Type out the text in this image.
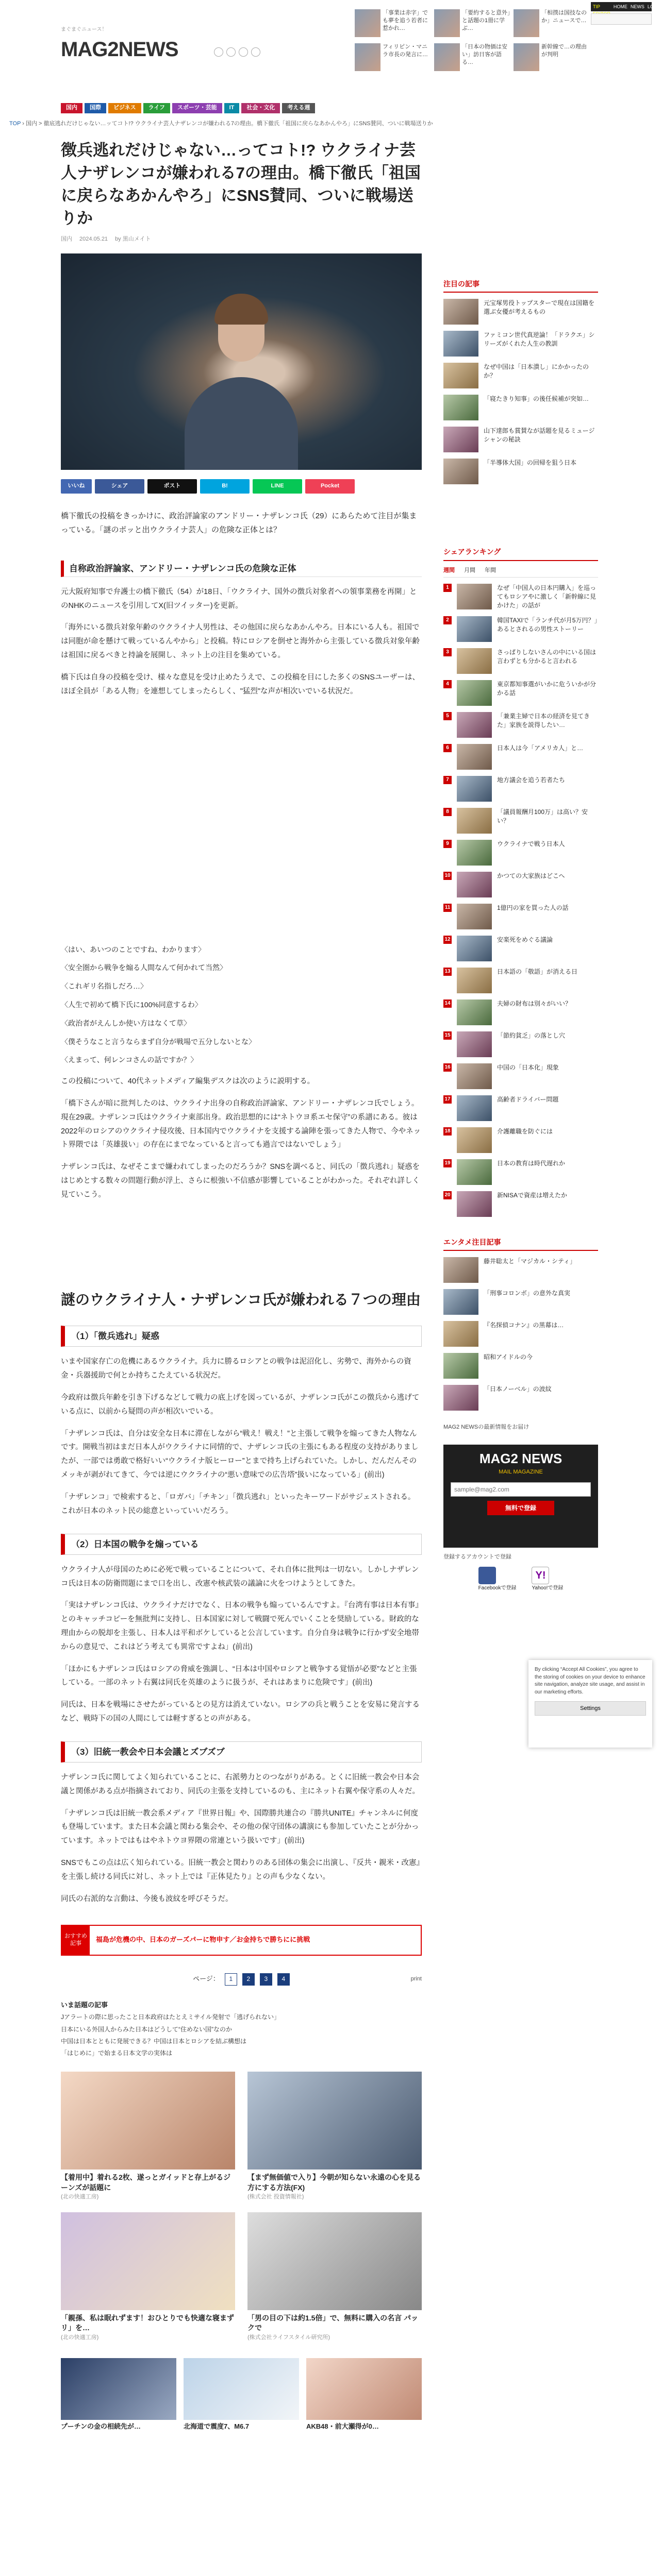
まぐまぐニュース！
MAG2NEWS
「事業は赤字」でも夢を追う若者に惹かれ…
「要約すると意外」と話題の1冊に学ぶ…
「相撲は国技なのか」ニュースで…
フィリピン・マニラ市長の発言に…
「日本の物価は安い」訪日客が語る…
新幹線で…の理由が判明
TIP	HOME NEWS LOG
国内	国際	ビジネス	ライフ	スポーツ・芸能	IT	社会・文化	考える週
TOP › 国内 > 徹底逃れだけじゃない…ッてコト!? ウクライナ芸人ナザレンコが嫌われる7の理由。橋下徹氏「祖国に戻らなあかんやろ」にSNS賛同、ついに戦場送りか
徴兵逃れだけじゃない…ってコト!? ウクライナ芸人ナザレンコが嫌われる7の理由。橋下徹氏「祖国に戻らなあかんやろ」にSNS賛同、ついに戦場送りか
国内 2024.05.21 by 黒山メイト
いいね	シェア	ポスト	B!	LINE	Pocket

橋下徹氏の投稿をきっかけに、政治評論家のアンドリー・ナザレンコ氏（29）にあらためて注目が集まっている。「謎のポッと出ウクライナ芸人」の危険な正体とは？

自称政治評論家、アンドリー・ナザレンコ氏の危険な正体

元大阪府知事で弁護士の橋下徹氏（54）が18日、「ウクライナ、国外の徴兵対象者への領事業務を再開」とのNHKのニュースを引用してX(旧ツイッター)を更新。

「海外にいる徴兵対象年齢のウクライナ人男性は、その他国に戻らなあかんやろ。日本にいる人も。祖国では同胞が命を懸けて戦っているんやから」と投稿。特にロシアを倒せと海外から主張している徴兵対象年齢は祖国に戻るべきと持論を展開し、ネット上の注目を集めている。

橋下氏は自身の投稿を受け、様々な意見を受け止めたうえで、この投稿を目にした多くのSNSユーザーは、ほぼ全員が「ある人物」を連想してしまったらしく、"猛烈"な声が相次いでいる状況だ。

〈はい、あいつのことですね、わかります〉

〈安全圏から戦争を煽る人間なんて何かれて当然〉

〈これギリ名指しだろ…〉

〈人生で初めて橋下氏に100%同意するわ〉

〈政治者がえんしか使い方はなくて草〉

〈僕そうなこと言うならまず自分が戦場で五分しないとな〉

〈えまって、何レンコさんの話ですか？〉

この投稿について、40代ネットメディア編集デスクは次のように説明する。

「橋下さんが暗に批判したのは、ウクライナ出身の自称政治評論家、アンドリー・ナザレンコ氏でしょう。現在29歳。ナザレンコ氏はウクライナ東部出身。政治思想的には“ネトウヨ系エセ保守”の系譜にある。彼は2022年のロシアのウクライナ侵攻後、日本国内でウクライナを支援する論陣を張ってきた人物で、今やネット界隈では「英雄扱い」の存在にまでなっていると言っても過言ではないでしょう」

ナザレンコ氏は、なぜそこまで嫌われてしまったのだろうか？SNSを調べると、同氏の「徴兵逃れ」疑惑をはじめとする数々の問題行動が浮上、さらに根強い不信感が影響していることがわかった。それぞれ詳しく見ていこう。

謎のウクライナ人・ナザレンコ氏が嫌われる７つの理由
（1）「徴兵逃れ」疑惑

いまや国家存亡の危機にあるウクライナ。兵力に勝るロシアとの戦争は泥沼化し、劣勢で、海外からの資金・兵器援助で何とか持ちこたえている状況だ。

今政府は徴兵年齢を引き下げるなどして戦力の底上げを図っているが、ナザレンコ氏がこの徴兵から逃げている点に、以前から疑問の声が相次いでいる。

「ナザレンコ氏は、自分は安全な日本に滞在しながら“戦え！戦え！”と主張して戦争を煽ってきた人物なんです。開戦当初はまだ日本人がウクライナに同情的で、ナザレンコ氏の主張にもある程度の支持がありましたが、一部では勇敢で格好いい“ウクライナ版ヒーロー”とまで持ち上げられていた。しかし、だんだんそのメッキが剥がれてきて、今では逆にウクライナの“悪い意味での広告塔”扱いになっている」(前出)

「ナザレンコ」で検索すると、「ロガバ」「チキン」「徴兵逃れ」といったキーワードがサジェストされる。これが日本のネット民の総意といっていいだろう。

（2）日本国の戦争を煽っている

ウクライナ人が母国のために必死で戦っていることについて、それ自体に批判は一切ない。しかしナザレンコ氏は日本の防衛問題にまで口を出し、改憲や核武装の議論に火をつけようとしてきた。

「実はナザレンコ氏は、ウクライナだけでなく、日本の戦争も煽っているんですよ。『台湾有事は日本有事』とのキャッチコピーを無批判に支持し、日本国家に対して戦闘で死んでいくことを奨励している。財政的な理由からの脱却を主張し、日本人は平和ボケしていると公言しています。自分自身は戦争に行かず安全地帯からの意見で、これはどう考えても異常ですよね」(前出)

「ほかにもナザレンコ氏はロシアの脅威を強調し、“日本は中国やロシアと戦争する覚悟が必要”などと主張している。一部のネット右翼は同氏を英雄のように扱うが、それはあまりに危険です」(前出)

同氏は、日本を戦場にさせたがっているとの見方は消えていない。ロシアの兵と戦うことを安易に発言するなど、戦時下の国の人間にしては軽すぎるとの声がある。

（3）旧統一教会や日本会議とズブズブ

ナザレンコ氏に関してよく知られていることに、右派勢力とのつながりがある。とくに旧統一教会や日本会議と関係がある点が指摘されており、同氏の主張を支持しているのも、主にネット右翼や保守系の人々だ。

「ナザレンコ氏は旧統一教会系メディア『世界日報』や、国際勝共連合の『勝共UNITE』チャンネルに何度も登場しています。また日本会議と関わる集会や、その他の保守団体の講演にも参加していたことが分かっています。ネットではもはやネトウヨ界隈の常連という扱いです」(前出)

SNSでもこの点は広く知られている。旧統一教会と関わりのある団体の集会に出演し、『反共・親米・改憲』を主張し続ける同氏に対し、ネット上では『正体見たり』との声も少なくない。

同氏の右派的な言動は、今後も波紋を呼びそうだ。

おすすめ記事	福島が危機の中、日本のガーズパーに物申す／お金持ちで勝ちにに挑戦
ページ：	1	2	3	4	print
いま話題の記事
Jアラートの際に思ったこと日本政府はたとえミサイル発射で「逃げられない」
日本にいる外国人からみた日本はどうして“住めない国”なのか
中国は日本とともに発展できる？中国は日本とロシアを結ぶ構想は
「はじめに」で始まる日本文学の実体は
【着用中】着れる2枚、遂っとガイッドと存上がるジーンズが話題に
(北の快適工房)
【まず無価値で入り】今朝が知らない永遠の心を見る方にする方法(FX)
(株式会社 投資情報社)
「親孫、私は眠れずます！おひとりでも快適な寝まずリ」を…
(北の快適工房)
「男の目の下は約1.5倍」で、無料に購入の名言 パックで
(株式会社ライフスタイル研究所)
プーチンの金の相続先が…	北海道で震度7、M6.7	AKB48・前大瀬得が0…
注目の記事
元宝塚男役トップスターで現在は国籍を選ぶ女優が考えるもの
ファミコン世代真逆論！「ドラクエ」シリーズがくれた人生の教訓
なぜ中国は「日本潰し」にかかったのか？
「寝たきり知事」の後任候補が突如…
山下達郎も賞賛なが話題を見るミュージシャンの秘訣
「半導体大国」の回帰を狙う日本
シェアランキング
週間 月間 年間
1	なぜ「中国人の日本円購入」を巡ってもロシアやに激しく「新幹線に見かけた」の話が
2	韓国TAXIで「ランチ代が月5万円？」あるとされるの男性ストーリー
3	さっぱりしないさんの中にいる国は言わずとも分かると言われる
4	東京都知事選がいかに危ういかが分かる話
5	「兼業主婦で日本の経済を見てきた」家族を説得したい…
6	日本人は今「アメリカ人」と…
7	地方議会を追う若者たち
8	「議員報酬月100万」は高い？安い？
9	ウクライナで戦う日本人
10	かつての大家族はどこへ
11	1億円の家を買った人の話
12	安楽死をめぐる議論
13	日本語の「敬語」が消える日
14	夫婦の財布は別々がいい？
15	「節約貧乏」の落とし穴
16	中国の「日本化」現象
17	高齢者ドライバー問題
18	介護離職を防ぐには
19	日本の教育は時代遅れか
20	新NISAで資産は増えたか
エンタメ注目記事
藤井聡太と「マジカル・シティ」
「刑事コロンボ」の意外な真実
『名探偵コナン』の黒幕は…
昭和アイドルの今
「日本ノーベル」の波紋
MAG2 NEWSの最新情報をお届け
MAG2 NEWS
MAIL MAGAZINE
sample@mag2.com 無料で登録
登録するアカウントで登録
Facebookで登録
Y!
Yahoo!で登録
By clicking “Accept All Cookies”, you agree to the storing of cookies on your device to enhance site navigation, analyze site usage, and assist in our marketing efforts.
Settings
